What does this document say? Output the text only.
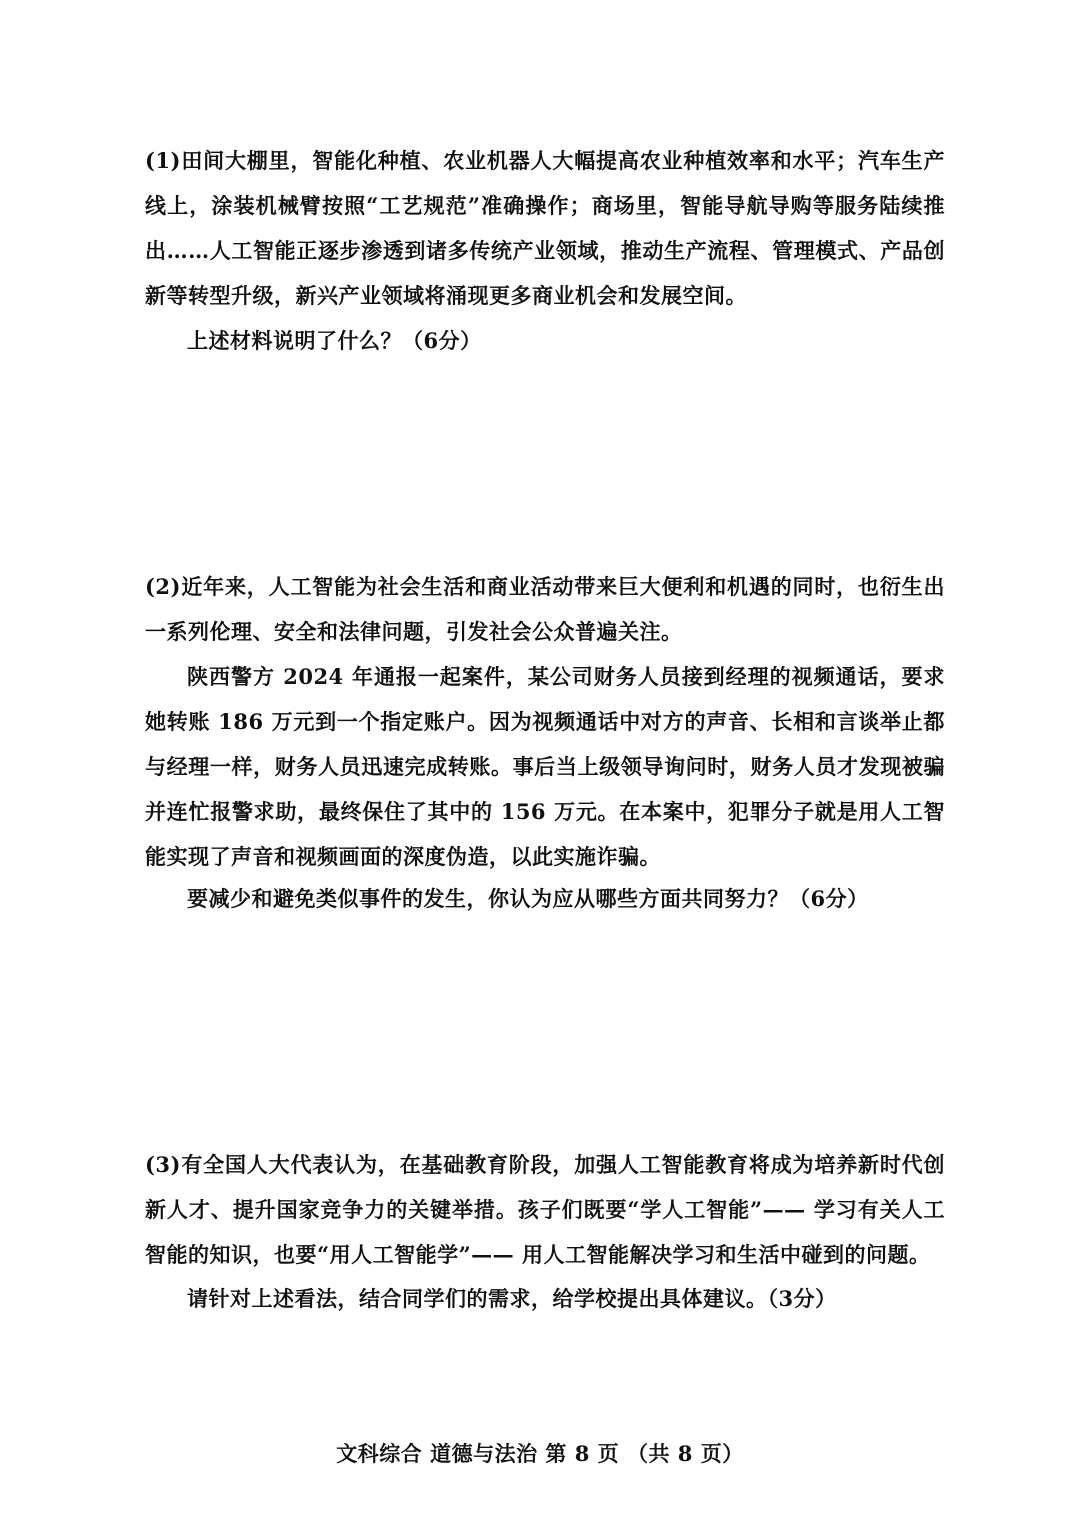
(1)田间大棚里，智能化种植、农业机器人大幅提高农业种植效率和水平；汽车生产线上，涂装机械臂按照“工艺规范”准确操作；商场里，智能导航导购等服务陆续推出……人工智能正逐步渗透到诸多传统产业领域，推动生产流程、管理模式、产品创新等转型升级，新兴产业领域将涌现更多商业机会和发展空间。

上述材料说明了什么？（6分）

(2)近年来，人工智能为社会生活和商业活动带来巨大便利和机遇的同时，也衍生出一系列伦理、安全和法律问题，引发社会公众普遍关注。

陕西警方 2024 年通报一起案件，某公司财务人员接到经理的视频通话，要求她转账 186 万元到一个指定账户。因为视频通话中对方的声音、长相和言谈举止都与经理一样，财务人员迅速完成转账。事后当上级领导询问时，财务人员才发现被骗并连忙报警求助，最终保住了其中的 156 万元。在本案中，犯罪分子就是用人工智能实现了声音和视频画面的深度伪造，以此实施诈骗。

要减少和避免类似事件的发生，你认为应从哪些方面共同努力？（6分）

(3)有全国人大代表认为，在基础教育阶段，加强人工智能教育将成为培养新时代创新人才、提升国家竞争力的关键举措。孩子们既要“学人工智能”—— 学习有关人工智能的知识，也要“用人工智能学”—— 用人工智能解决学习和生活中碰到的问题。

请针对上述看法，结合同学们的需求，给学校提出具体建议。（3分）

文科综合 道德与法治 第 8 页 （共 8 页）
